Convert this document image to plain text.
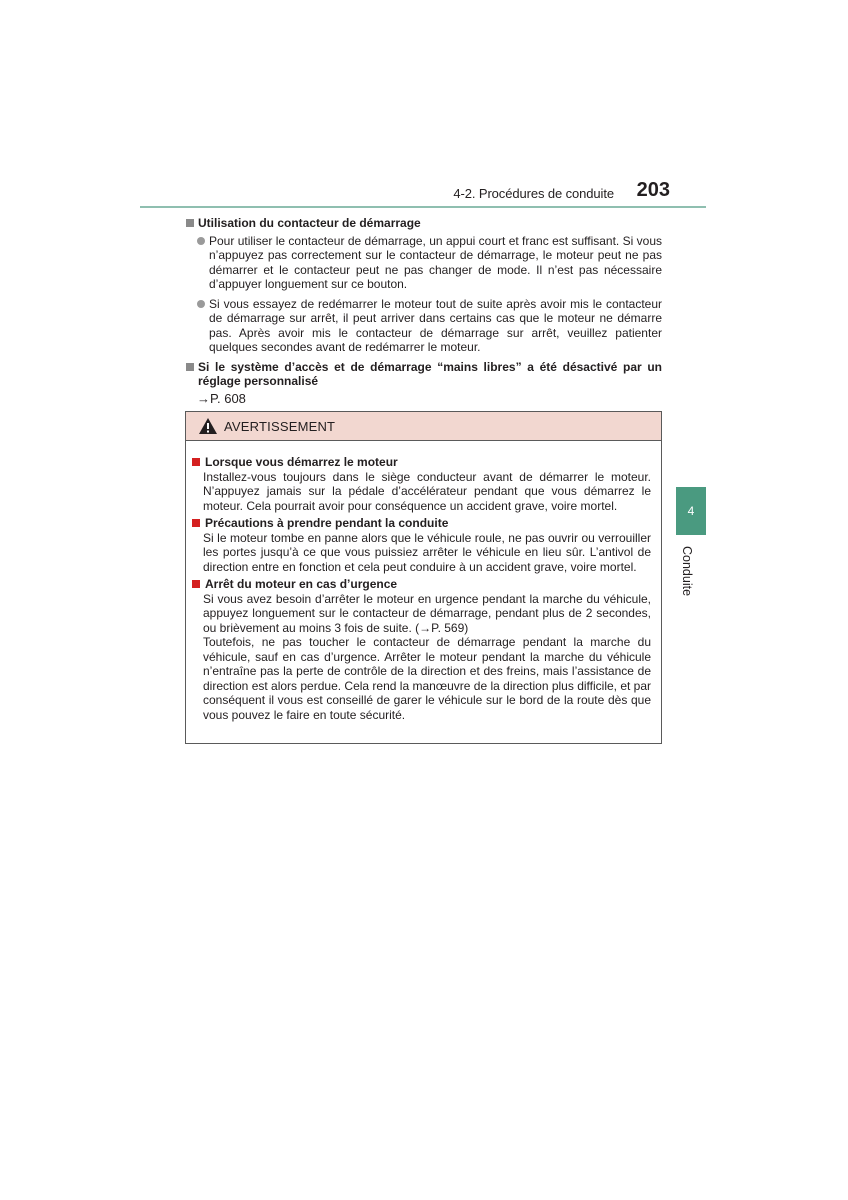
4-2. Procédures de conduite 203
4
Conduite
Utilisation du contacteur de démarrage
Pour utiliser le contacteur de démarrage, un appui court et franc est suffisant. Si vous n’appuyez pas correctement sur le contacteur de démarrage, le moteur peut ne pas démarrer et le contacteur peut ne pas changer de mode. Il n’est pas nécessaire d’appuyer longuement sur ce bouton.
Si vous essayez de redémarrer le moteur tout de suite après avoir mis le contacteur de démarrage sur arrêt, il peut arriver dans certains cas que le moteur ne démarre pas. Après avoir mis le contacteur de démarrage sur arrêt, veuillez patienter quelques secondes avant de redémarrer le moteur.
Si le système d’accès et de démarrage “mains libres” a été désactivé par un réglage personnalisé
→P. 608
AVERTISSEMENT
Lorsque vous démarrez le moteur
Installez-vous toujours dans le siège conducteur avant de démarrer le moteur. N’appuyez jamais sur la pédale d’accélérateur pendant que vous démarrez le moteur. Cela pourrait avoir pour conséquence un accident grave, voire mortel.
Précautions à prendre pendant la conduite
Si le moteur tombe en panne alors que le véhicule roule, ne pas ouvrir ou verrouiller les portes jusqu’à ce que vous puissiez arrêter le véhicule en lieu sûr. L’antivol de direction entre en fonction et cela peut conduire à un accident grave, voire mortel.
Arrêt du moteur en cas d’urgence
Si vous avez besoin d’arrêter le moteur en urgence pendant la marche du véhicule, appuyez longuement sur le contacteur de démarrage, pendant plus de 2 secondes, ou brièvement au moins 3 fois de suite. (→P. 569)
Toutefois, ne pas toucher le contacteur de démarrage pendant la marche du véhicule, sauf en cas d’urgence. Arrêter le moteur pendant la marche du véhicule n’entraîne pas la perte de contrôle de la direction et des freins, mais l’assistance de direction est alors perdue. Cela rend la manœuvre de la direction plus difficile, et par conséquent il vous est conseillé de garer le véhicule sur le bord de la route dès que vous pouvez le faire en toute sécurité.
